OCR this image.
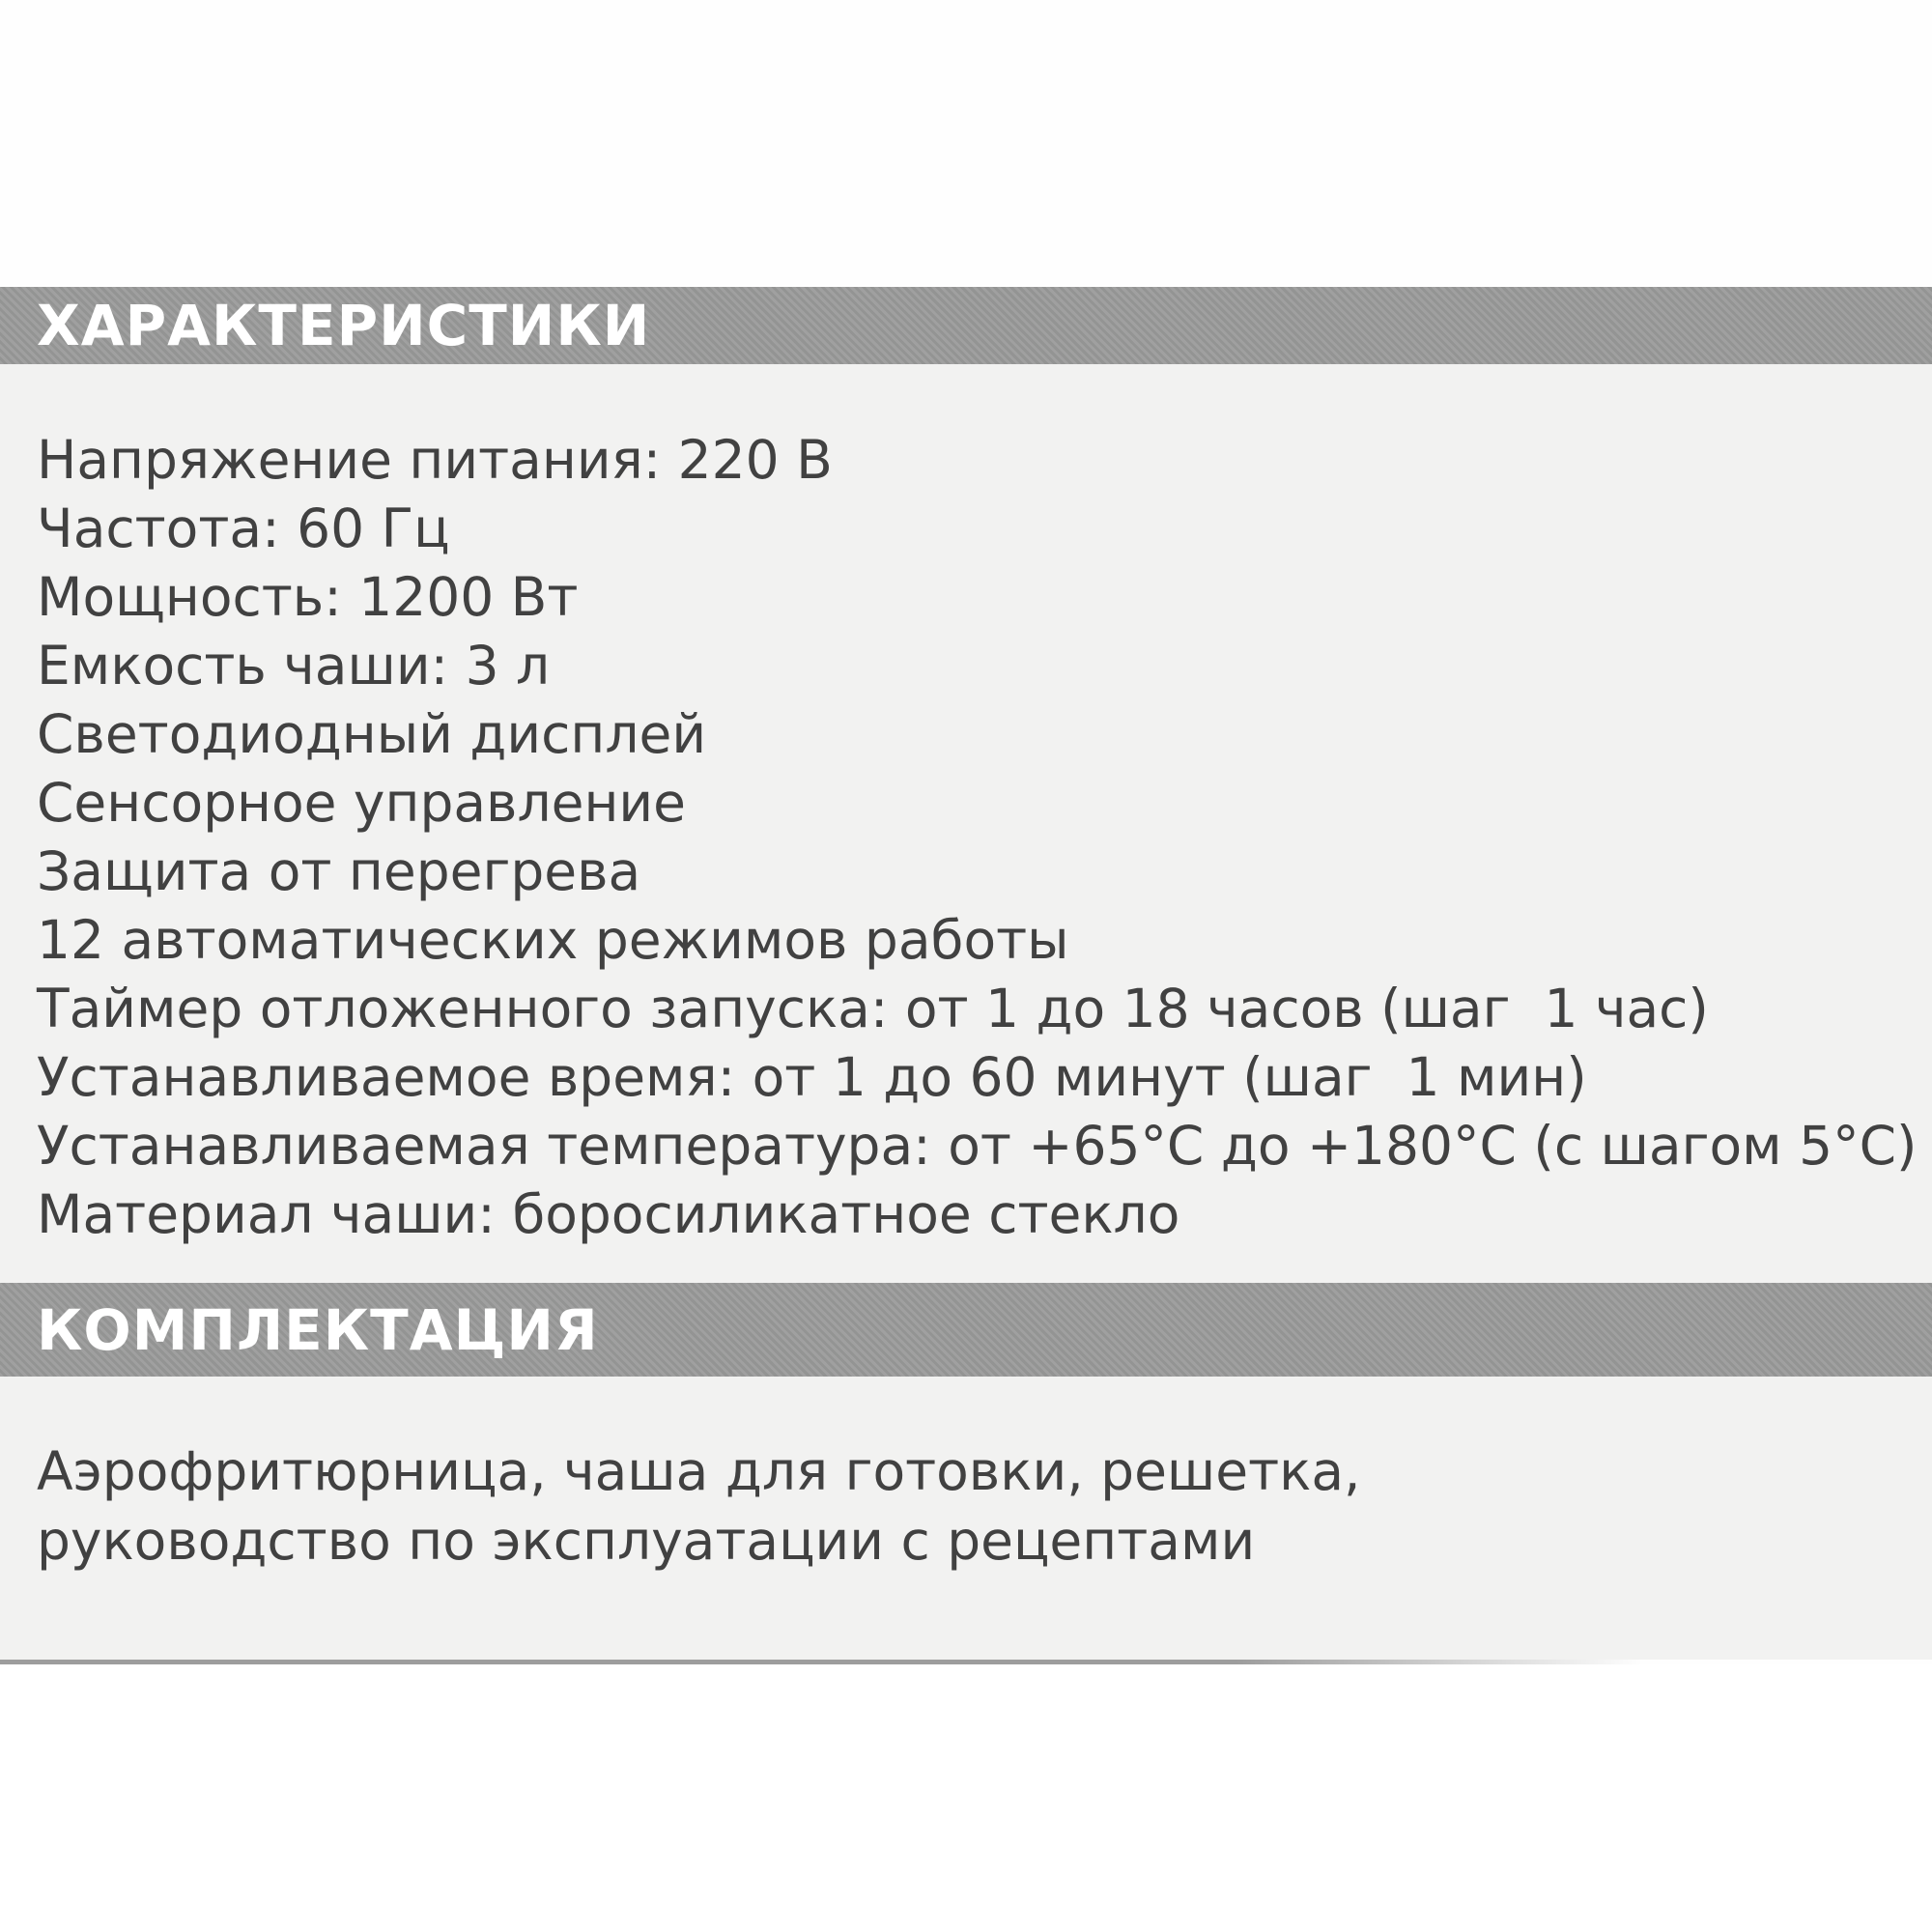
ХАРАКТЕРИСТИКИ
Напряжение питания: 220 В
Частота: 60 Гц
Мощность: 1200 Вт
Емкость чаши: 3 л
Светодиодный дисплей
Сенсорное управление
Защита от перегрева
12 автоматических режимов работы
Таймер отложенного запуска: от 1 до 18 часов (шаг  1 час)
Устанавливаемое время: от 1 до 60 минут (шаг  1 мин)
Устанавливаемая температура: от +65°С до +180°С (с шагом 5°С)
Материал чаши: боросиликатное стекло
КОМПЛЕКТАЦИЯ
Аэрофритюрница, чаша для готовки, решетка,
руководство по эксплуатации с рецептами
